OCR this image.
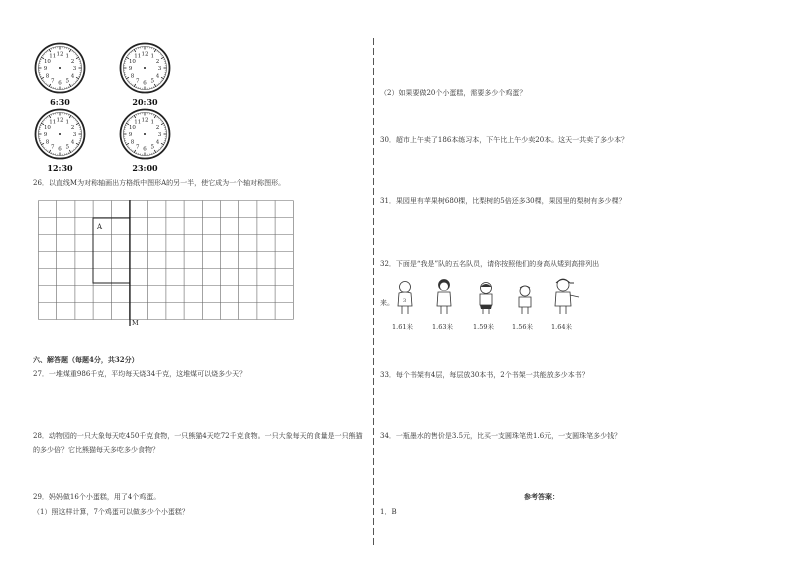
12 1
2
3
4
5
6
7
8
9
10
11
6:30
12 1
2
3
4
5
6
7
8
9
10
11
20:30
12 1
2
3
4
5
6
7
8
9
10
11
12:30
12 1
2
3
4
5
6
7
8
9
10
11
23:00
26．以直线M为对称轴画出方格纸中图形A的另一半，使它成为一个轴对称图形。
A
M
六、解答题（每题4分，共32分）
27．一堆煤重986千克，平均每天烧34千克，这堆煤可以烧多少天？
28．动物园的一只大象每天吃450千克食物，一只熊猫4天吃72千克食物。一只大象每天的食量是一只熊猫
的多少倍？它比熊猫每天多吃多少食物？
29．妈妈做16个小蛋糕，用了4个鸡蛋。
（1）照这样计算，7个鸡蛋可以做多少个小蛋糕？
（2）如果要做20个小蛋糕，需要多少个鸡蛋？
30．超市上午卖了186本练习本，下午比上午少卖20本。这天一共卖了多少本？
31．果园里有苹果树680棵，比梨树的5倍还多30棵，果园里的梨树有多少棵？
32．下面是“我是”队的五名队员，请你按照他们的身高从矮到高排列出
来。 3
1.61米	1.63米	1.59米	1.56米	1.64米
33．每个书架有4层，每层放30本书，2个书架一共能放多少本书？
34．一瓶墨水的售价是3.5元，比买一支圆珠笔贵1.6元，一支圆珠笔多少钱？
参考答案：
1．B
